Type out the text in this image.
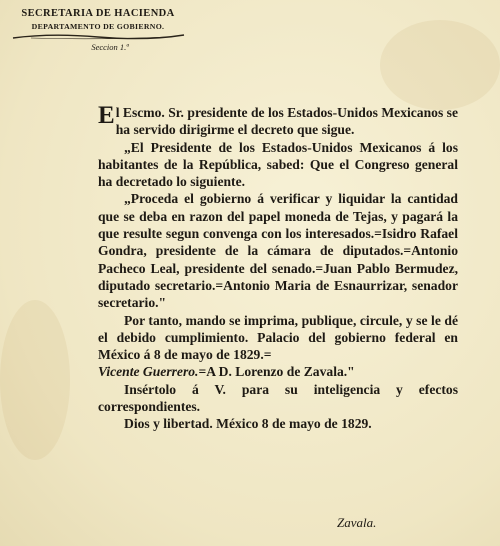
SECRETARIA DE HACIENDA
DEPARTAMENTO DE GOBIERNO.
Seccion 1.ª

El Escmo. Sr. presidente de los Estados-Unidos Mexicanos se ha servido dirigirme el decreto que sigue.

„El Presidente de los Estados-Unidos Mexicanos á los habitantes de la República, sabed: Que el Congreso general ha decretado lo siguiente.

„Proceda el gobierno á verificar y liquidar la cantidad que se deba en razon del papel moneda de Tejas, y pagará la que resulte segun convenga con los interesados.=Isidro Rafael Gondra, presidente de la cámara de diputados.=Antonio Pacheco Leal, presidente del senado.=Juan Pablo Bermudez, diputado secretario.=Antonio Maria de Esnaurrizar, senador secretario."

Por tanto, mando se imprima, publique, circule, y se le dé el debido cumplimiento. Palacio del gobierno federal en México á 8 de mayo de 1829.=
Vicente Guerrero.=A D. Lorenzo de Zavala."

Insértolo á V. para su inteligencia y efectos correspondientes.

Dios y libertad. México 8 de mayo de 1829.

Zavala.
